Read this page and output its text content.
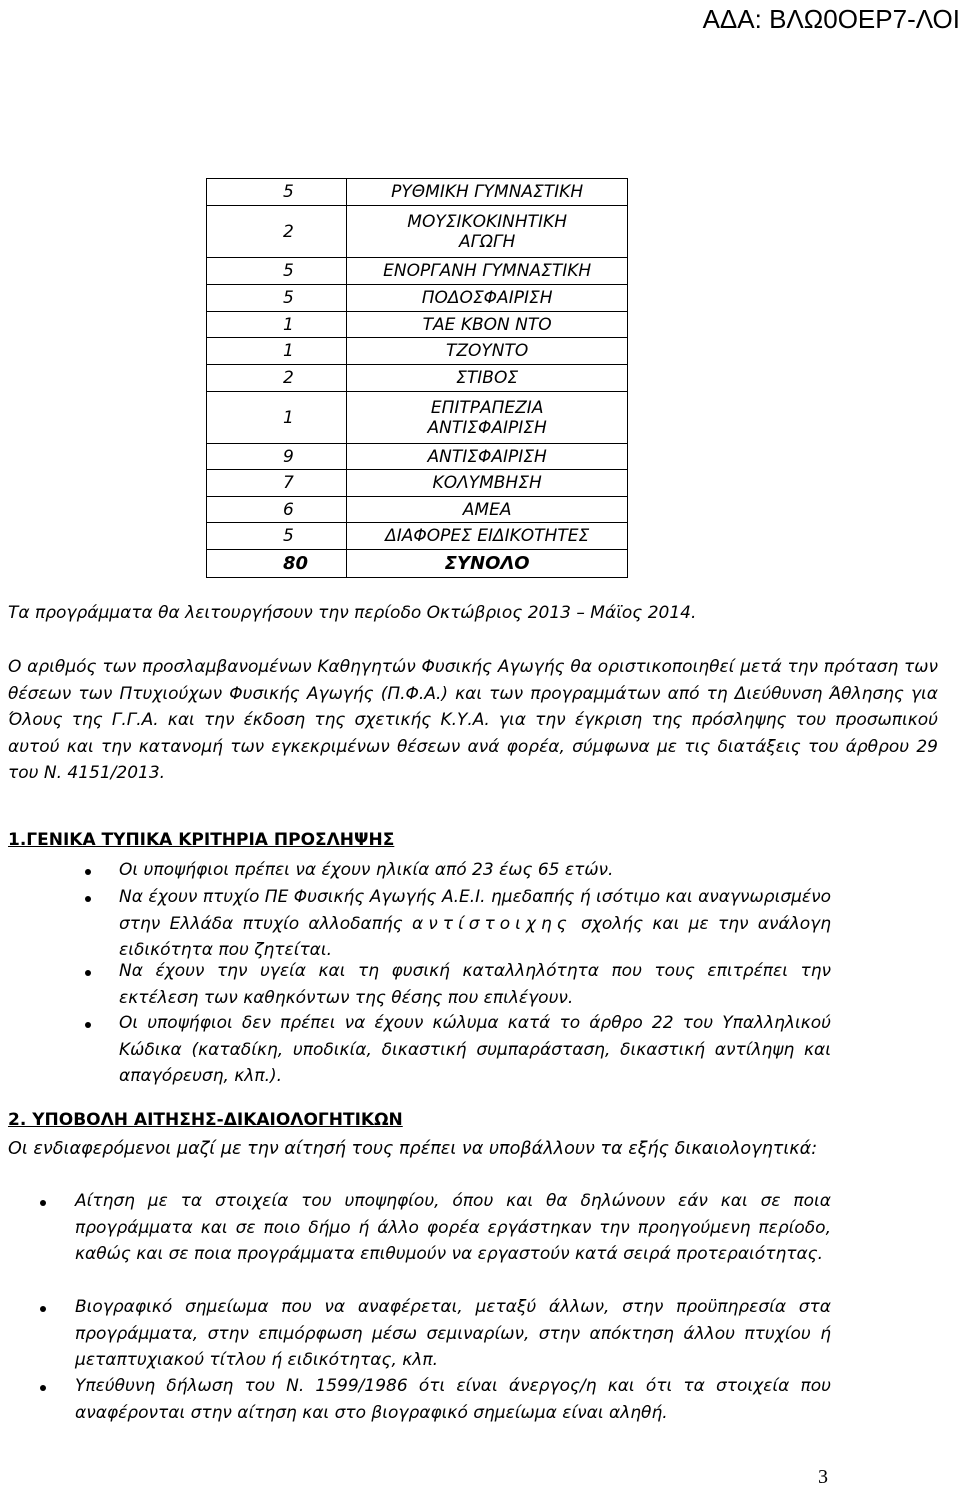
ΑΔΑ: ΒΛΩ0ΟΕΡ7-ΛΟΙ
5	ΡΥΘΜΙΚΗ ΓΥΜΝΑΣΤΙΚΗ
2	ΜΟΥΣΙΚΟΚΙΝΗΤΙΚΗ ΑΓΩΓΗ
5	ΕΝΟΡΓΑΝΗ ΓΥΜΝΑΣΤΙΚΗ
5	ΠΟΔΟΣΦΑΙΡΙΣΗ
1	ΤΑΕ ΚΒΟΝ ΝΤΟ
1	ΤΖΟΥΝΤΟ
2	ΣΤΙΒΟΣ
1	ΕΠΙΤΡΑΠΕΖΙΑ ΑΝΤΙΣΦΑΙΡΙΣΗ
9	ΑΝΤΙΣΦΑΙΡΙΣΗ
7	ΚΟΛΥΜΒΗΣΗ
6	ΑΜΕΑ
5	ΔΙΑΦΟΡΕΣ ΕΙΔΙΚΟΤΗΤΕΣ
80	ΣΥΝΟΛΟ
Τα προγράμματα θα λειτουργήσουν την περίοδο Οκτώβριος 2013 – Μάϊος 2014.
Ο αριθμός των προσλαμβανομένων Καθηγητών Φυσικής Αγωγής θα οριστικοποιηθεί μετά την πρόταση των θέσεων των Πτυχιούχων Φυσικής Αγωγής (Π.Φ.Α.) και των προγραμμάτων από τη Διεύθυνση Άθλησης για Όλους της Γ.Γ.Α. και την έκδοση της σχετικής Κ.Υ.Α. για την έγκριση της πρόσληψης του προσωπικού αυτού και την κατανομή των εγκεκριμένων θέσεων ανά φορέα, σύμφωνα με τις διατάξεις του άρθρου 29 του Ν. 4151/2013.
1.ΓΕΝΙΚΑ ΤΥΠΙΚΑ ΚΡΙΤΗΡΙΑ ΠΡΟΣΛΗΨΗΣ
Οι υποψήφιοι πρέπει να έχουν ηλικία από 23 έως 65 ετών.
Να έχουν πτυχίο ΠΕ Φυσικής Αγωγής Α.Ε.Ι. ημεδαπής ή ισότιμο και αναγνωρισμένο στην Ελλάδα πτυχίο αλλοδαπής αντίστοιχης σχολής και με την ανάλογη ειδικότητα που ζητείται.
Να έχουν την υγεία και τη φυσική καταλληλότητα που τους επιτρέπει την εκτέλεση των καθηκόντων της θέσης που επιλέγουν.
Οι υποψήφιοι δεν πρέπει να έχουν κώλυμα κατά το άρθρο 22 του Υπαλληλικού Κώδικα (καταδίκη, υποδικία, δικαστική συμπαράσταση, δικαστική αντίληψη και απαγόρευση, κλπ.).
2. ΥΠΟΒΟΛΗ ΑΙΤΗΣΗΣ-ΔΙΚΑΙΟΛΟΓΗΤΙΚΩΝ
Οι ενδιαφερόμενοι μαζί με την αίτησή τους πρέπει να υποβάλλουν τα εξής δικαιολογητικά:
Αίτηση με τα στοιχεία του υποψηφίου, όπου και θα δηλώνουν εάν και σε ποια προγράμματα και σε ποιο δήμο ή άλλο φορέα εργάστηκαν την προηγούμενη περίοδο, καθώς και σε ποια προγράμματα επιθυμούν να εργαστούν κατά σειρά προτεραιότητας.
Βιογραφικό σημείωμα που να αναφέρεται, μεταξύ άλλων, στην προϋπηρεσία στα προγράμματα, στην επιμόρφωση μέσω σεμιναρίων, στην απόκτηση άλλου πτυχίου ή μεταπτυχιακού τίτλου ή ειδικότητας, κλπ.
Υπεύθυνη δήλωση του Ν. 1599/1986 ότι είναι άνεργος/η και ότι τα στοιχεία που αναφέρονται στην αίτηση και στο βιογραφικό σημείωμα είναι αληθή.
3
